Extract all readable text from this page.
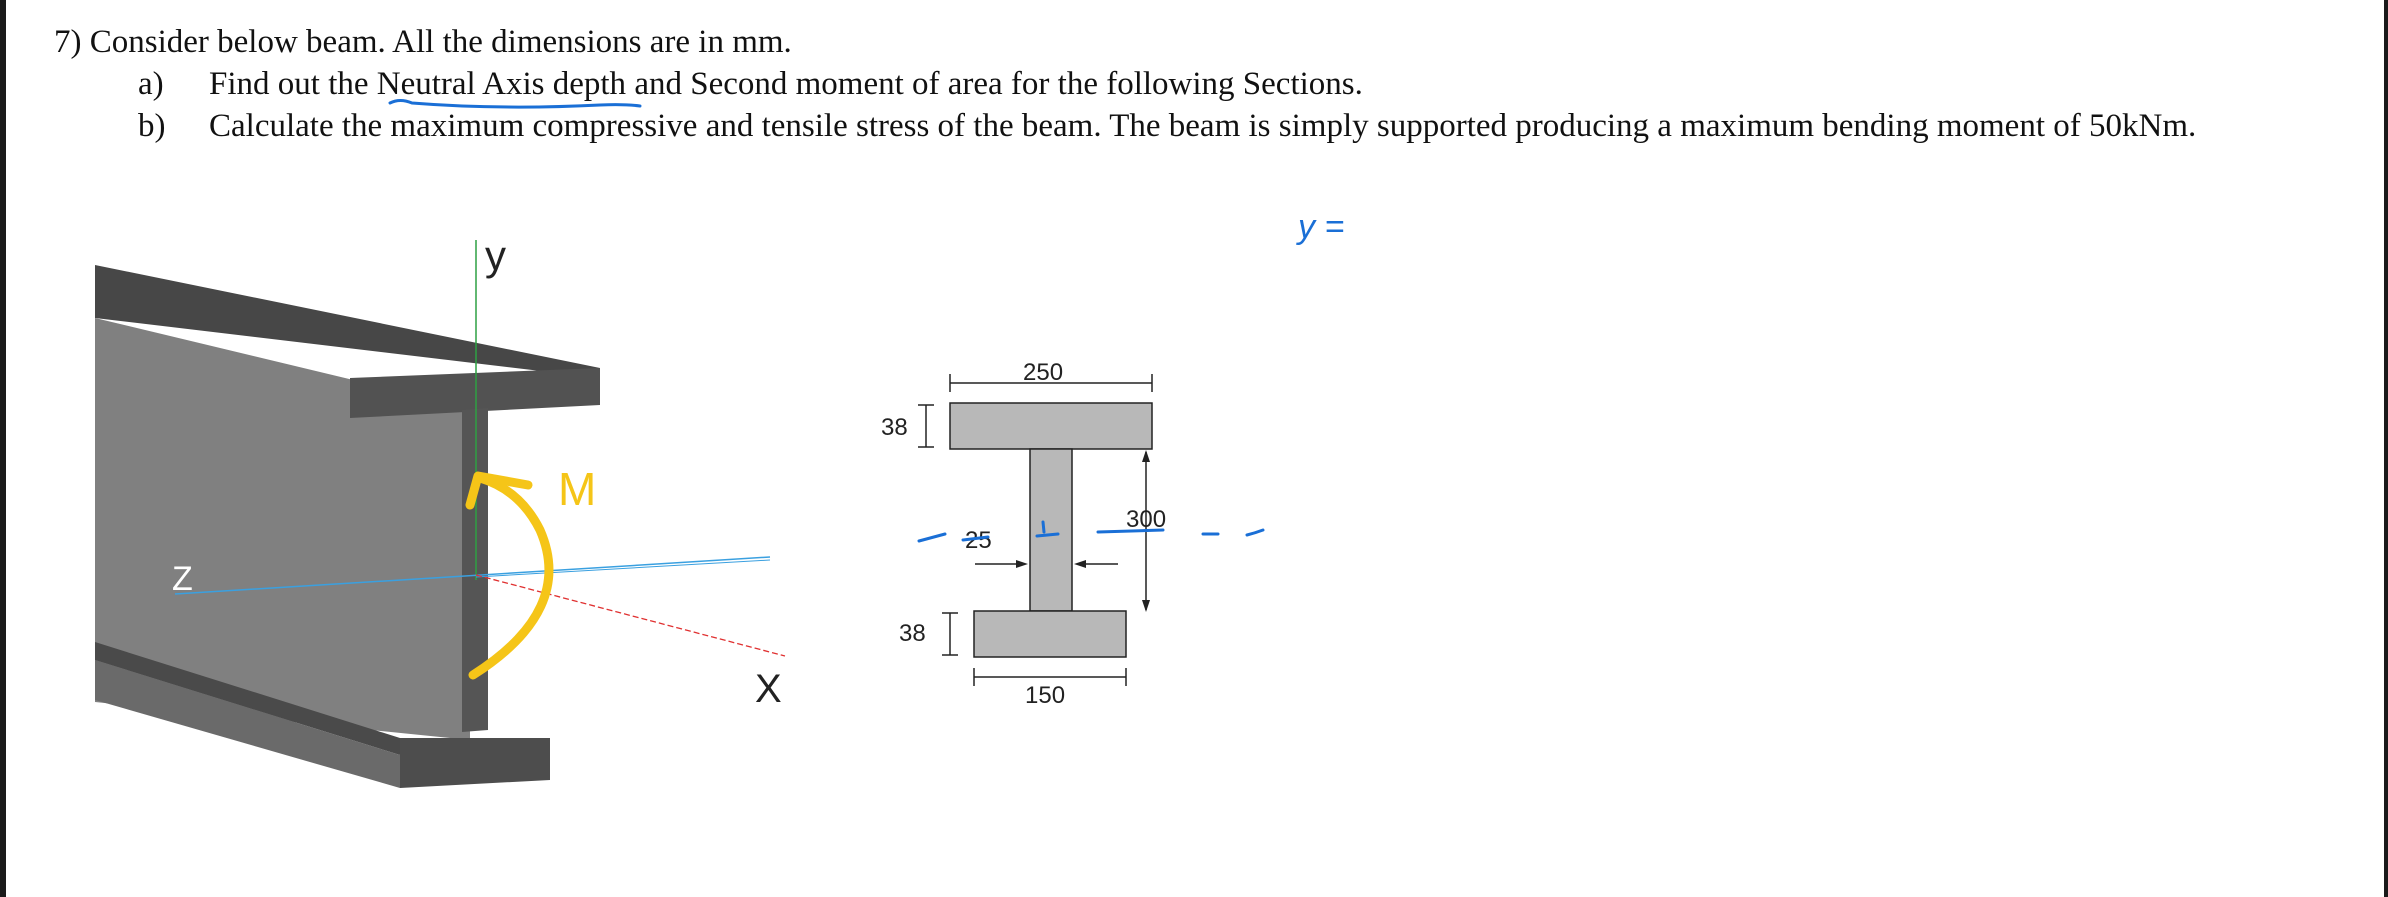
7) Consider below beam. All the dimensions are in mm.
a) Find out the Neutral Axis depth and Second moment of area for the following Sections.
b) Calculate the maximum compressive and tensile stress of the beam. The beam is simply supported producing a maximum bending moment of 50kNm.
y
Z
X
M
250
38
300
25
38
150
y =
